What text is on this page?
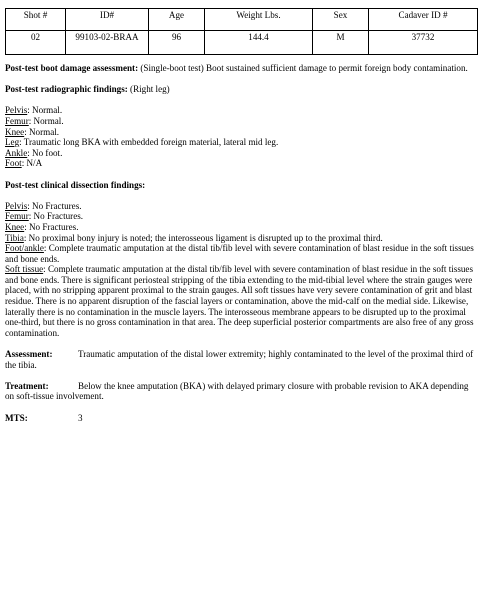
Shot #	ID#	Age	Weight Lbs.	Sex	Cadaver ID #
02	99103-02-BRAA	96	144.4	M	37732

Post-test boot damage assessment: (Single-boot test) Boot sustained sufficient damage to permit foreign body contamination.

Post-test radiographic findings: (Right leg)

Pelvis: Normal.
Femur: Normal.
Knee: Normal.
Leg: Traumatic long BKA with embedded foreign material, lateral mid leg.
Ankle: No foot.
Foot: N/A

Post-test clinical dissection findings:

Pelvis: No Fractures.
Femur: No Fractures.
Knee: No Fractures.
Tibia: No proximal bony injury is noted; the interosseous ligament is disrupted up to the proximal third.
Foot/ankle: Complete traumatic amputation at the distal tib/fib level with severe contamination of blast residue in the soft tissues and bone ends.
Soft tissue: Complete traumatic amputation at the distal tib/fib level with severe contamination of blast residue in the soft tissues and bone ends. There is significant periosteal stripping of the tibia extending to the mid-tibial level where the strain gauges were placed, with no stripping apparent proximal to the strain gauges. All soft tissues have very severe contamination of grit and blast residue. There is no apparent disruption of the fascial layers or contamination, above the mid-calf on the medial side. Likewise, laterally there is no contamination in the muscle layers. The interosseous membrane appears to be disrupted up to the proximal one-third, but there is no gross contamination in that area. The deep superficial posterior compartments are also free of any gross contamination.

Assessment:	Traumatic amputation of the distal lower extremity; highly contaminated to the level of the proximal third of the tibia.

Treatment:	Below the knee amputation (BKA) with delayed primary closure with probable revision to AKA depending on soft-tissue involvement.

MTS:	3
